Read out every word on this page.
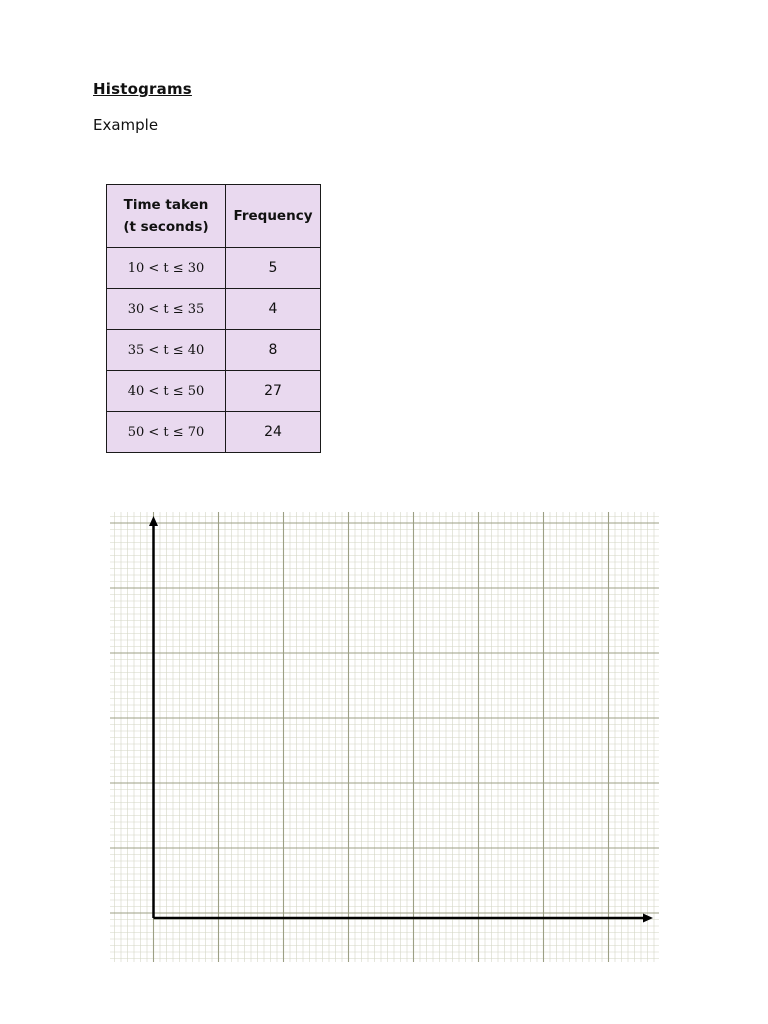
Histograms
Example
Time taken
(t seconds)	Frequency
10 < t ≤ 30	5
30 < t ≤ 35	4
35 < t ≤ 40	8
40 < t ≤ 50	27
50 < t ≤ 70	24
